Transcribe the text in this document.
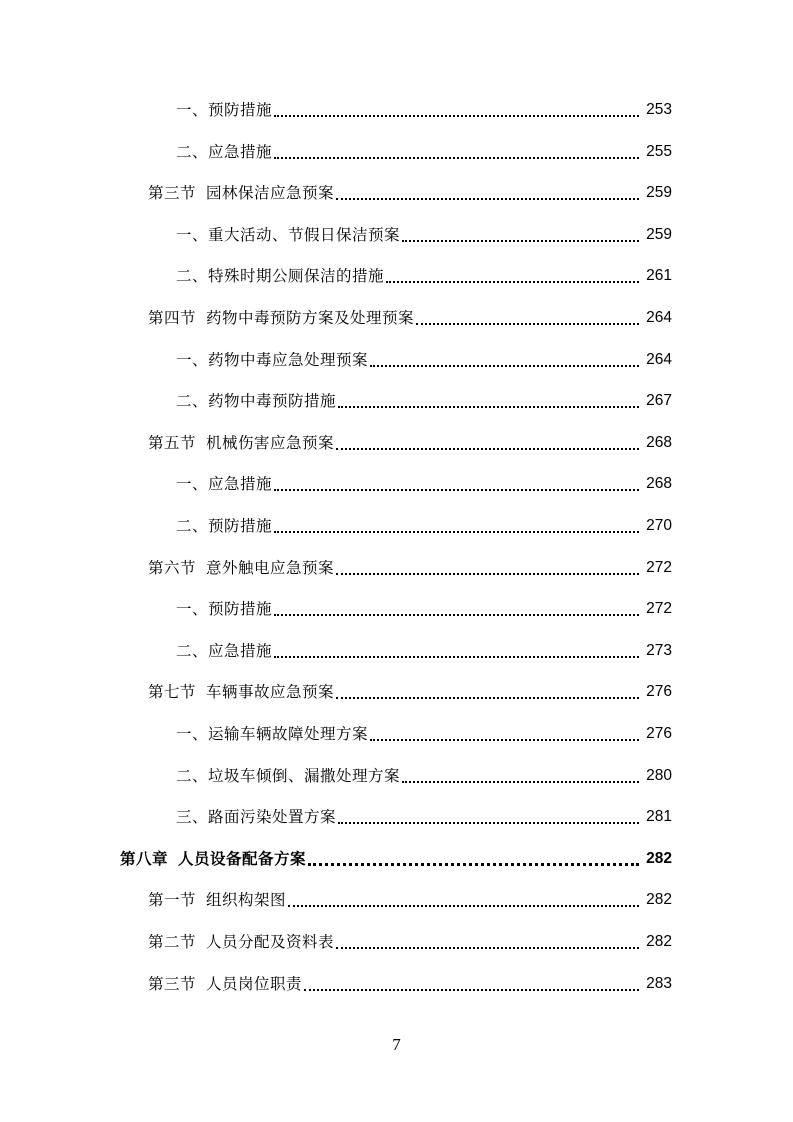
一、预防措施	253
二、应急措施	255
第三节 园林保洁应急预案	259
一、重大活动、节假日保洁预案	259
二、特殊时期公厕保洁的措施	261
第四节 药物中毒预防方案及处理预案	264
一、药物中毒应急处理预案	264
二、药物中毒预防措施	267
第五节 机械伤害应急预案	268
一、应急措施	268
二、预防措施	270
第六节 意外触电应急预案	272
一、预防措施	272
二、应急措施	273
第七节 车辆事故应急预案	276
一、运输车辆故障处理方案	276
二、垃圾车倾倒、漏撒处理方案	280
三、路面污染处置方案	281
第八章 人员设备配备方案	282
第一节 组织构架图	282
第二节 人员分配及资料表	282
第三节 人员岗位职责	283
7
